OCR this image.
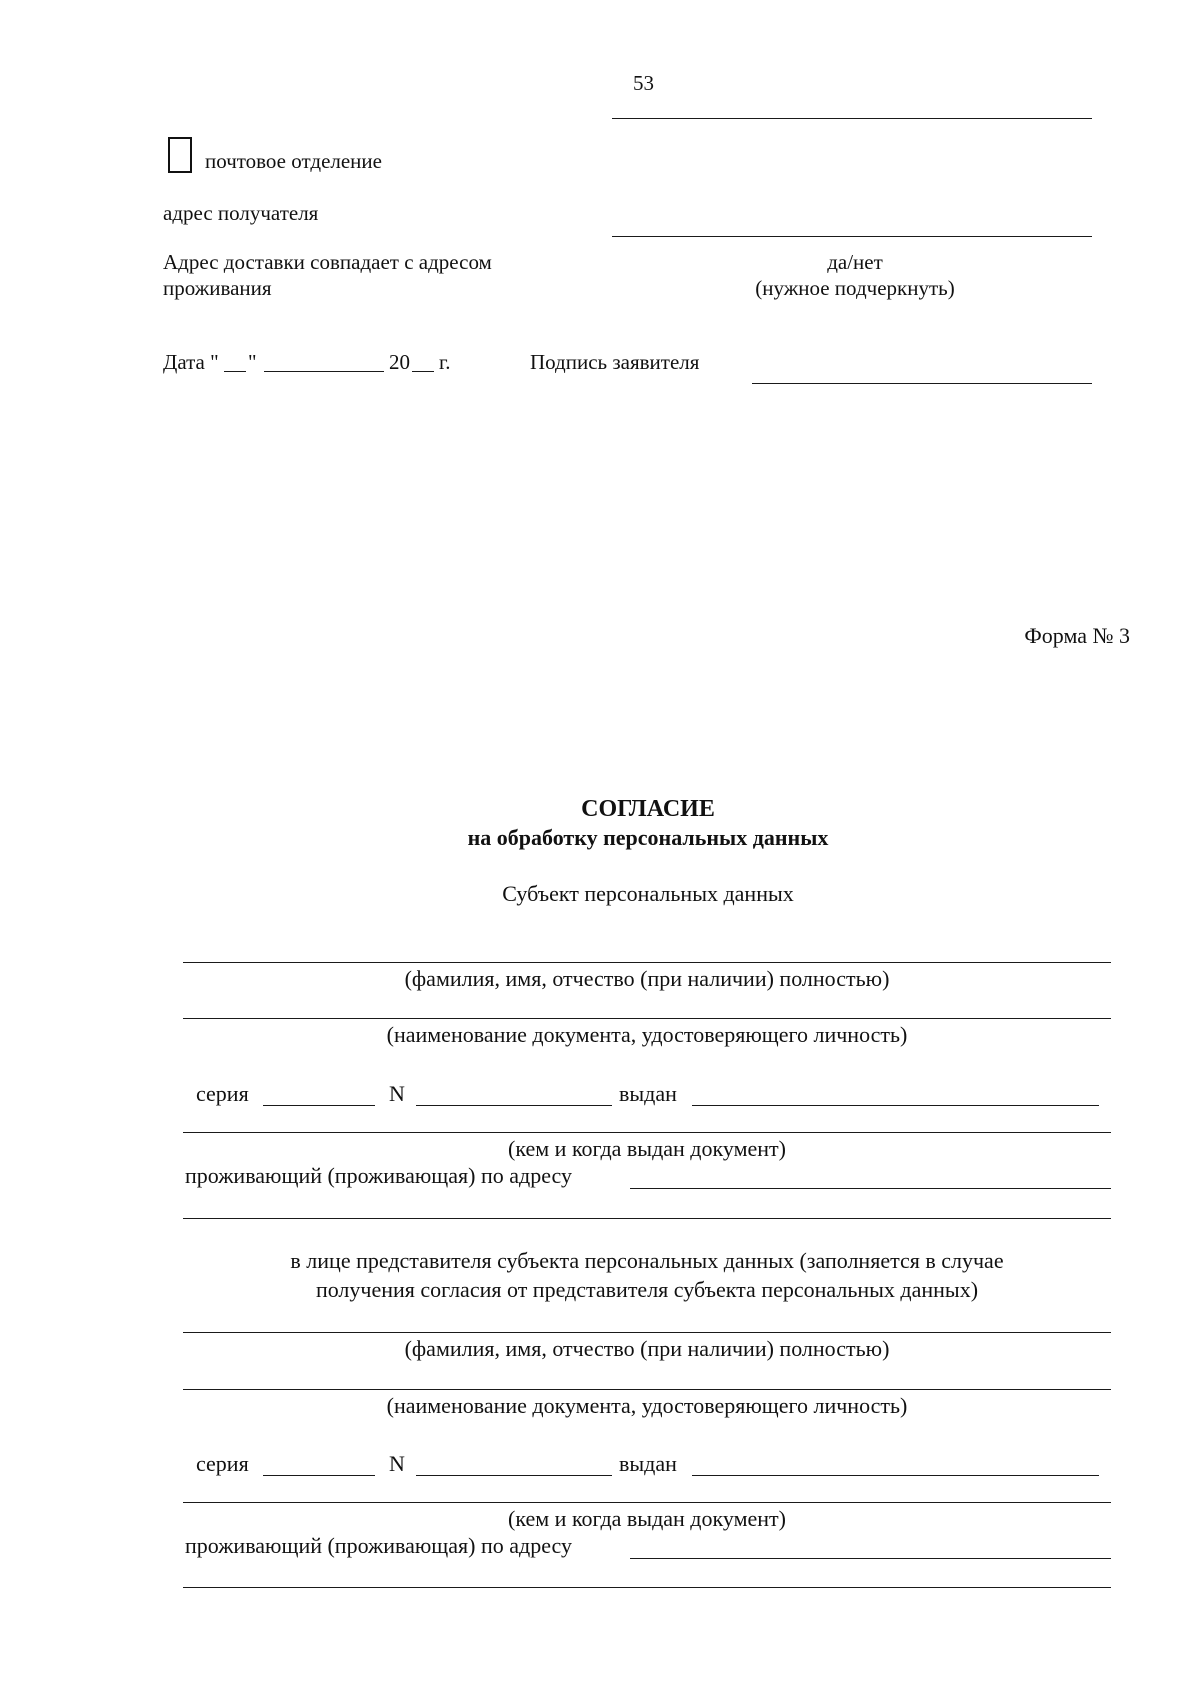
53
почтовое отделение
адрес получателя
Адрес доставки совпадает с адресом
проживания
да/нет
(нужное подчеркнуть)
Дата " "	20 г.	Подпись заявителя
Форма № 3
СОГЛАСИЕ
на обработку персональных данных
Субъект персональных данных
(фамилия, имя, отчество (при наличии) полностью)
(наименование документа, удостоверяющего личность)
серия	N	выдан
(кем и когда выдан документ)
проживающий (проживающая) по адресу
в лице представителя субъекта персональных данных (заполняется в случае
получения согласия от представителя субъекта персональных данных)
(фамилия, имя, отчество (при наличии) полностью)
(наименование документа, удостоверяющего личность)
серия	N	выдан
(кем и когда выдан документ)
проживающий (проживающая) по адресу
